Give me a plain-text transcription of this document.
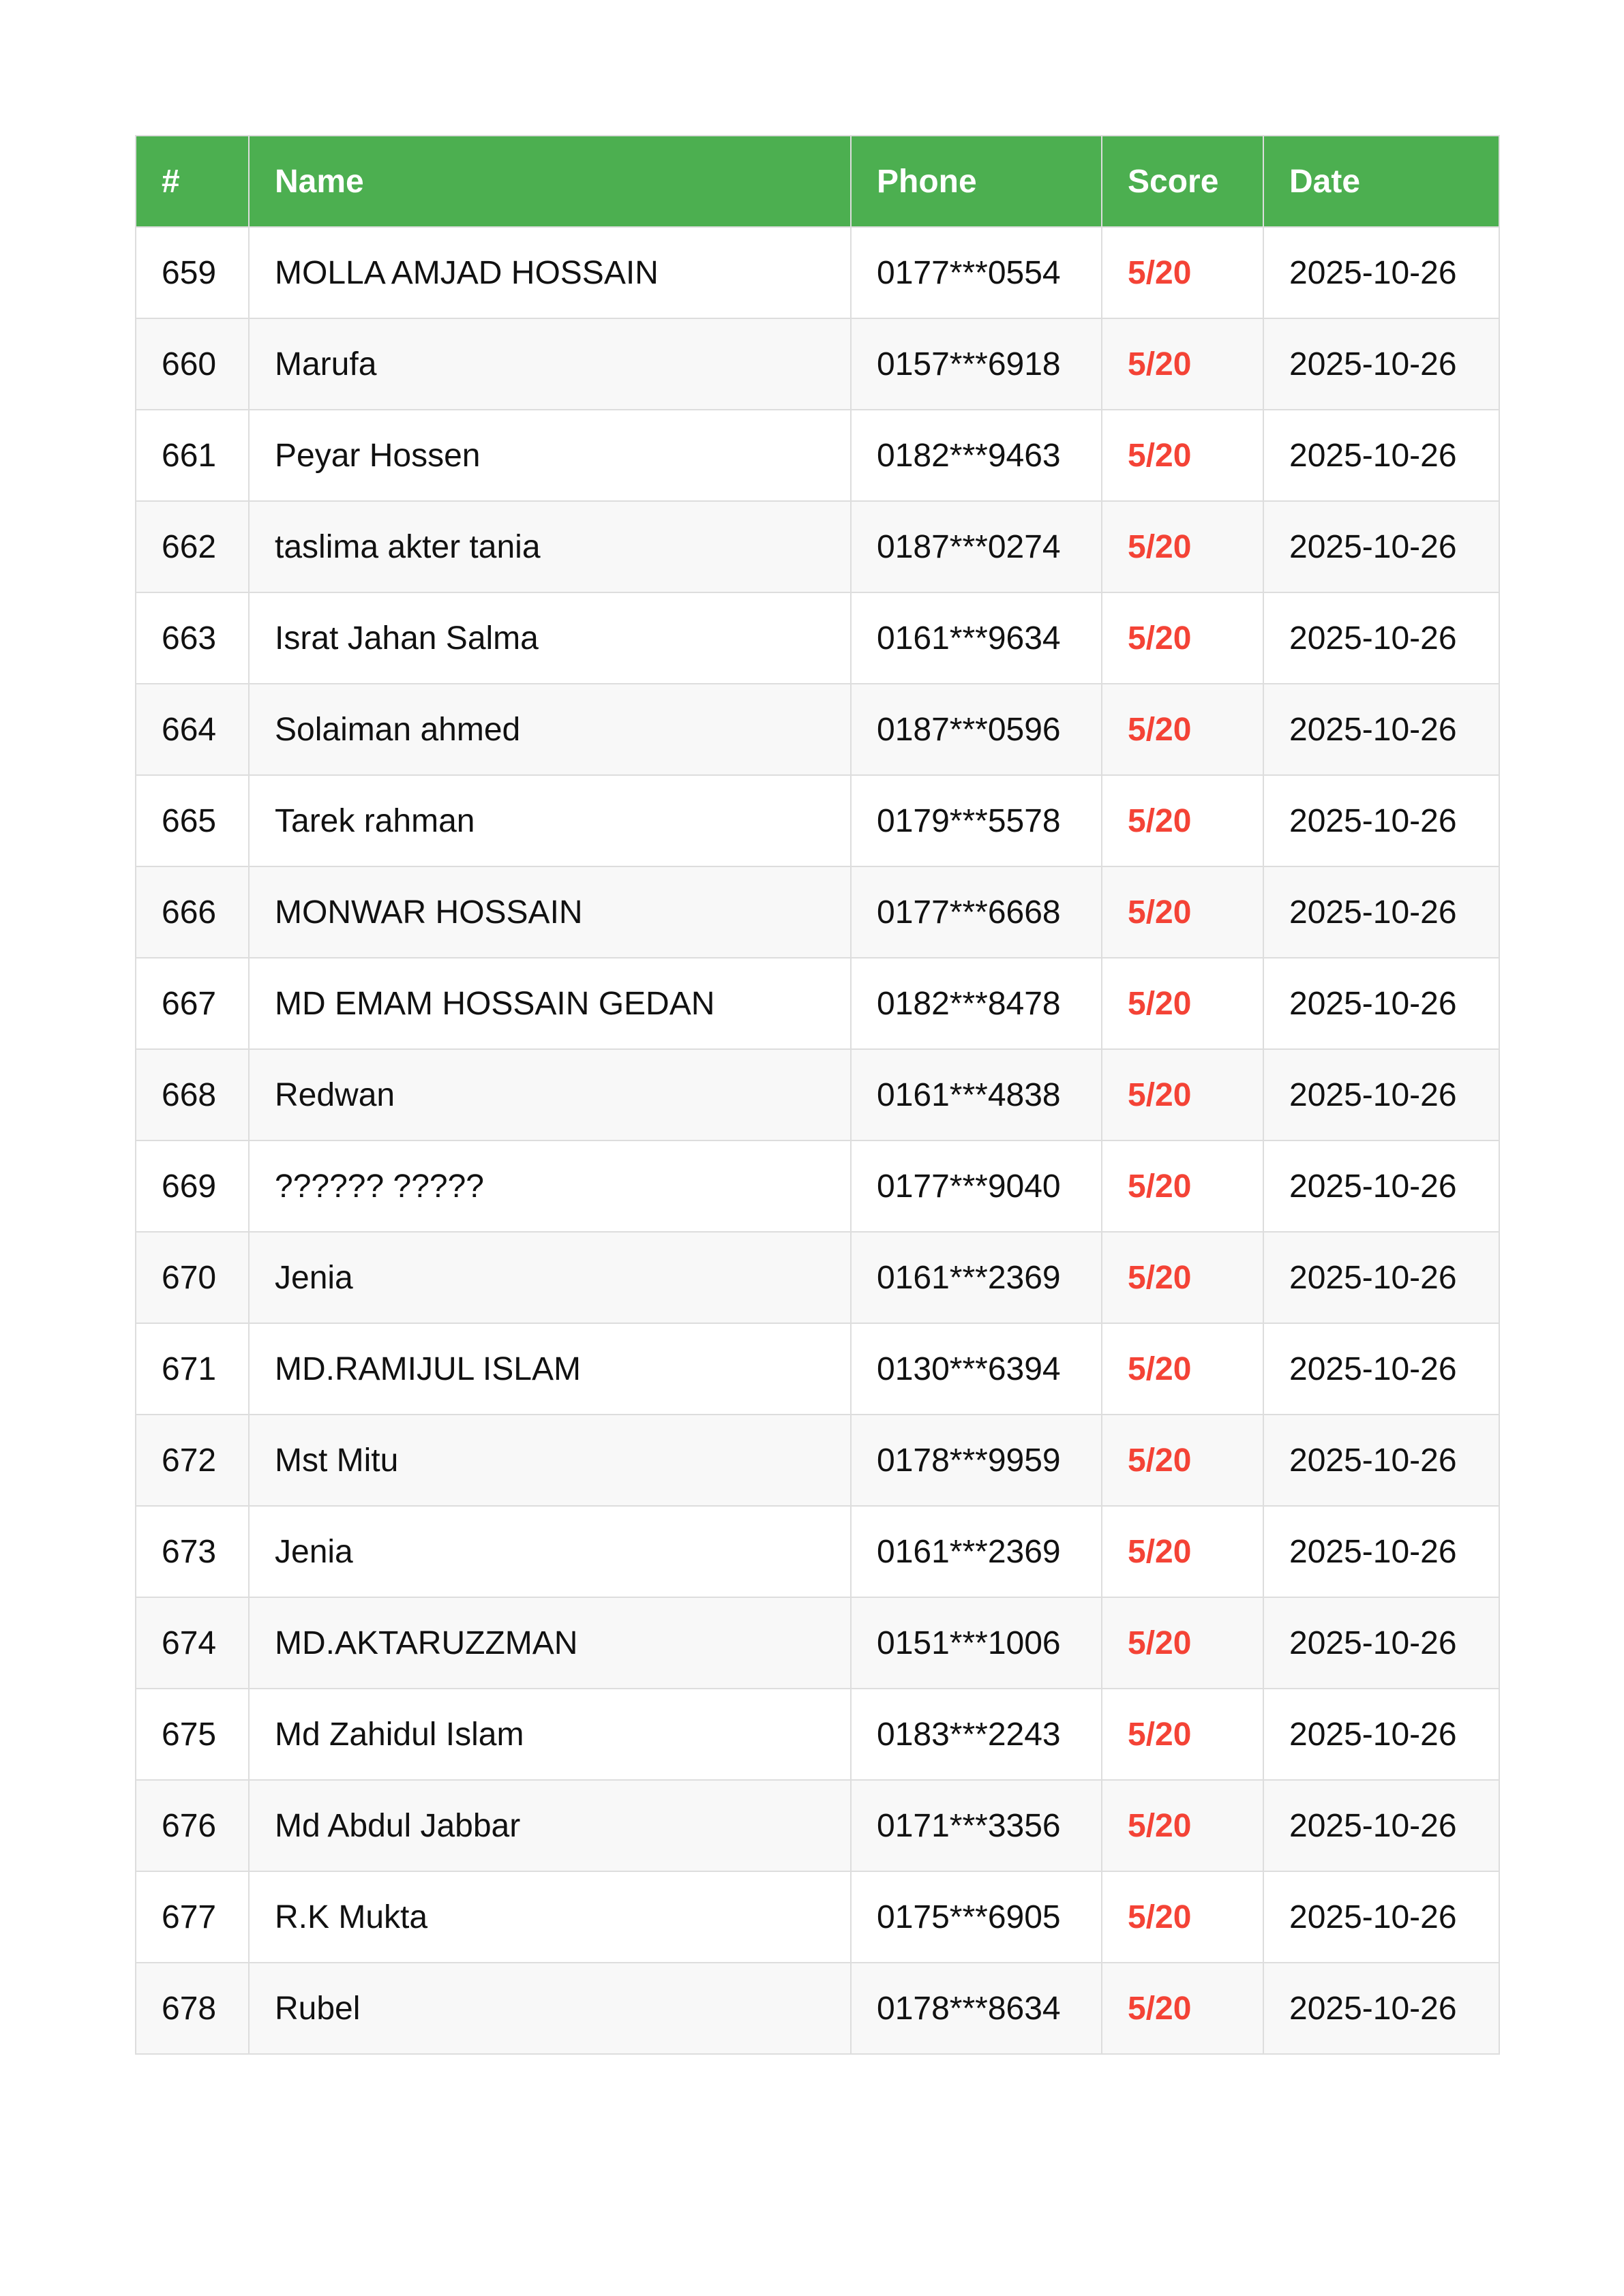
#	Name	Phone	Score	Date
659	MOLLA AMJAD HOSSAIN	0177***0554	5/20	2025-10-26
660	Marufa	0157***6918	5/20	2025-10-26
661	Peyar Hossen	0182***9463	5/20	2025-10-26
662	taslima akter tania	0187***0274	5/20	2025-10-26
663	Israt Jahan Salma	0161***9634	5/20	2025-10-26
664	Solaiman ahmed	0187***0596	5/20	2025-10-26
665	Tarek rahman	0179***5578	5/20	2025-10-26
666	MONWAR HOSSAIN	0177***6668	5/20	2025-10-26
667	MD EMAM HOSSAIN GEDAN	0182***8478	5/20	2025-10-26
668	Redwan	0161***4838	5/20	2025-10-26
669	?????? ?????	0177***9040	5/20	2025-10-26
670	Jenia	0161***2369	5/20	2025-10-26
671	MD.RAMIJUL ISLAM	0130***6394	5/20	2025-10-26
672	Mst Mitu	0178***9959	5/20	2025-10-26
673	Jenia	0161***2369	5/20	2025-10-26
674	MD.AKTARUZZMAN	0151***1006	5/20	2025-10-26
675	Md Zahidul Islam	0183***2243	5/20	2025-10-26
676	Md Abdul Jabbar	0171***3356	5/20	2025-10-26
677	R.K Mukta	0175***6905	5/20	2025-10-26
678	Rubel	0178***8634	5/20	2025-10-26
